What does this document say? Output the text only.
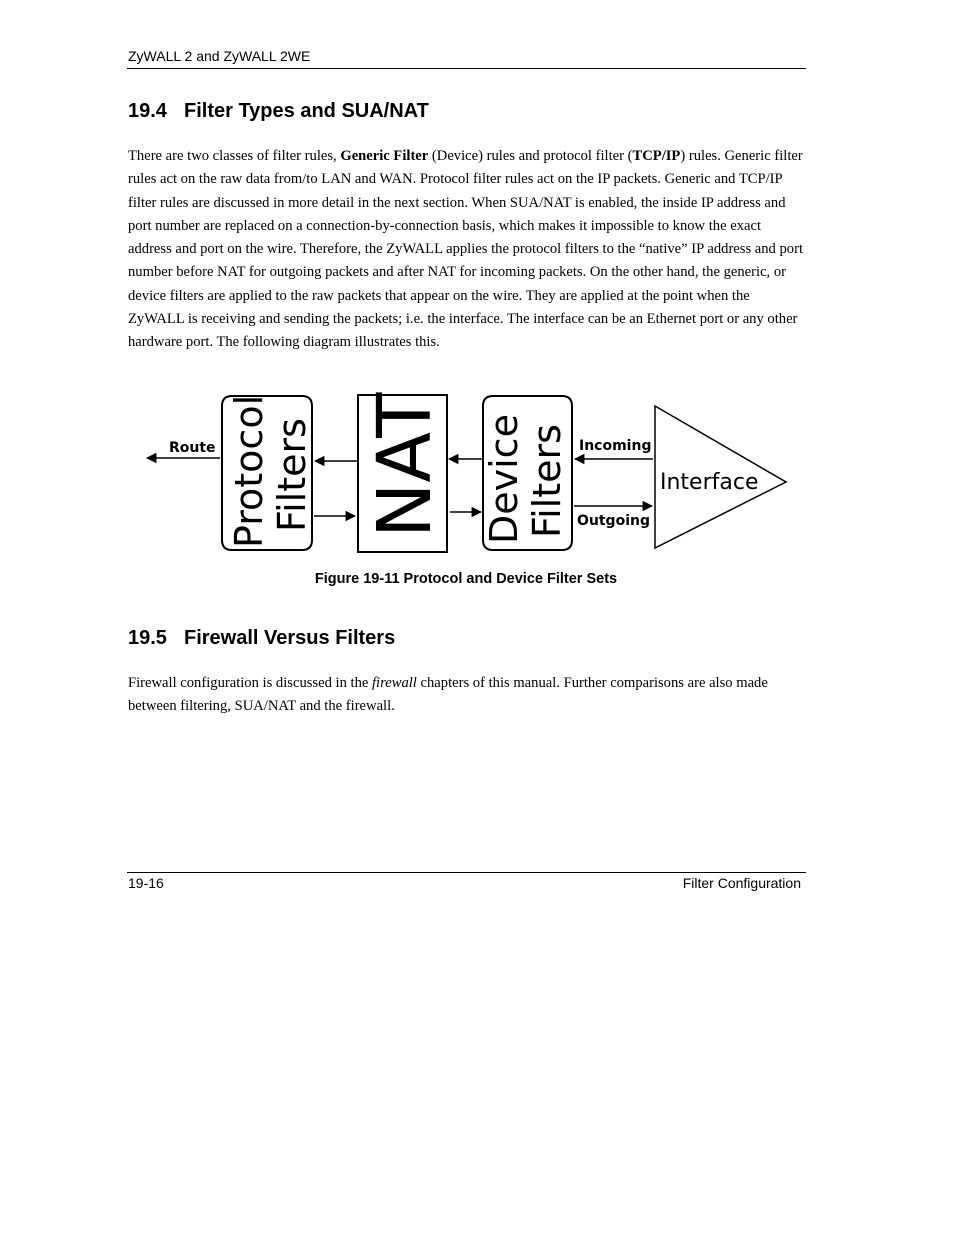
ZyWALL 2 and ZyWALL 2WE
19.4 Filter Types and SUA/NAT
There are two classes of filter rules, Generic Filter (Device) rules and protocol filter (TCP/IP) rules. Generic filter rules act on the raw data from/to LAN and WAN. Protocol filter rules act on the IP packets. Generic and TCP/IP filter rules are discussed in more detail in the next section. When SUA/NAT is enabled, the inside IP address and port number are replaced on a connection-by-connection basis, which makes it impossible to know the exact address and port on the wire. Therefore, the ZyWALL applies the protocol filters to the “native” IP address and port number before NAT for outgoing packets and after NAT for incoming packets. On the other hand, the generic, or device filters are applied to the raw packets that appear on the wire. They are applied at the point when the ZyWALL is receiving and sending the packets; i.e. the interface. The interface can be an Ethernet port or any other hardware port. The following diagram illustrates this.
Route Protocol Filters NAT Device Filters Incoming
Outgoing
Interface
Figure 19-11 Protocol and Device Filter Sets
19.5 Firewall Versus Filters
Firewall configuration is discussed in the firewall chapters of this manual. Further comparisons are also made between filtering, SUA/NAT and the firewall.
19-16	Filter Configuration
